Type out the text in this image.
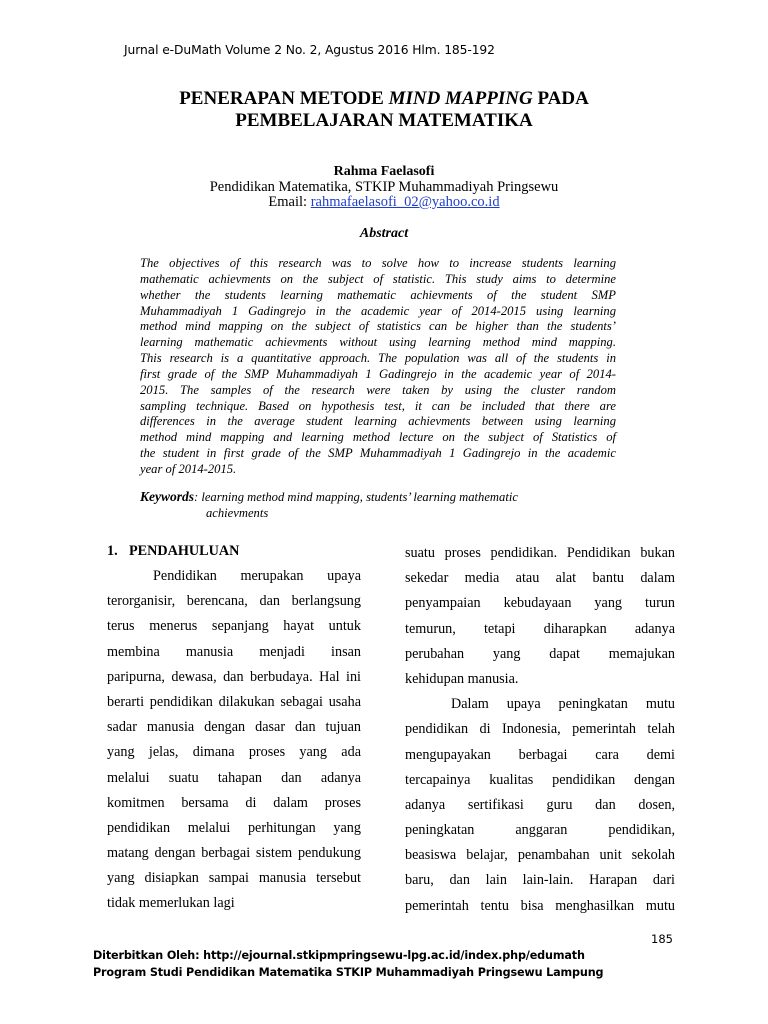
Jurnal e-DuMath Volume 2 No. 2, Agustus 2016 Hlm. 185-192
PENERAPAN METODE MIND MAPPING PADA
PEMBELAJARAN MATEMATIKA
Rahma Faelasofi
Pendidikan Matematika, STKIP Muhammadiyah Pringsewu
Email: rahmafaelasofi_02@yahoo.co.id
Abstract
The objectives of this research was to solve how to increase students learning
mathematic achievments on the subject of statistic. This study aims to determine
whether the students learning mathematic achievments of the student SMP
Muhammadiyah 1 Gadingrejo in the academic year of 2014-2015 using learning
method mind mapping on the subject of statistics can be higher than the students’
learning mathematic achievments without using learning method mind mapping.
This research is a quantitative approach. The population was all of the students in
first grade of the SMP Muhammadiyah 1 Gadingrejo in the academic year of 2014-
2015. The samples of the research were taken by using the cluster random
sampling technique. Based on hypothesis test, it can be included that there are
differences in the average student learning achievments between using learning
method mind mapping and learning method lecture on the subject of Statistics of
the student in first grade of the SMP Muhammadiyah 1 Gadingrejo in the academic
year of 2014-2015.
Keywords: learning method mind mapping, students’ learning mathematic
achievments
1. PENDAHULUAN
Pendidikan merupakan upaya
terorganisir, berencana, dan berlangsung
terus menerus sepanjang hayat untuk
membina manusia menjadi insan
paripurna, dewasa, dan berbudaya. Hal ini
berarti pendidikan dilakukan sebagai usaha
sadar manusia dengan dasar dan tujuan
yang jelas, dimana proses yang ada
melalui suatu tahapan dan adanya
komitmen bersama di dalam proses
pendidikan melalui perhitungan yang
matang dengan berbagai sistem pendukung
yang disiapkan sampai manusia tersebut
tidak memerlukan lagi
suatu proses pendidikan. Pendidikan bukan
sekedar media atau alat bantu dalam
penyampaian kebudayaan yang turun
temurun, tetapi diharapkan adanya
perubahan yang dapat memajukan
kehidupan manusia.
Dalam upaya peningkatan mutu
pendidikan di Indonesia, pemerintah telah
mengupayakan berbagai cara demi
tercapainya kualitas pendidikan dengan
adanya sertifikasi guru dan dosen,
peningkatan anggaran pendidikan,
beasiswa belajar, penambahan unit sekolah
baru, dan lain lain-lain. Harapan dari
pemerintah tentu bisa menghasilkan mutu
185
Diterbitkan Oleh: http://ejournal.stkipmpringsewu-lpg.ac.id/index.php/edumath
Program Studi Pendidikan Matematika STKIP Muhammadiyah Pringsewu Lampung
